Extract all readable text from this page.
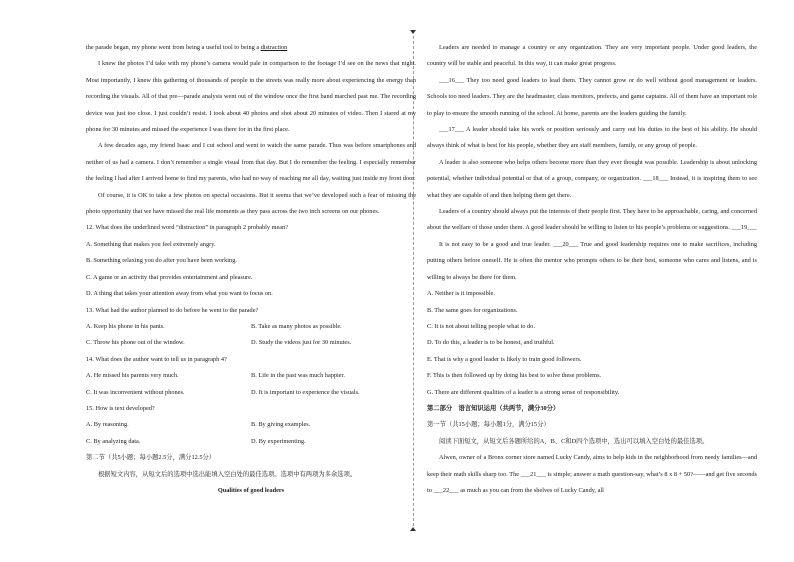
the parade began, my phone went from being a useful tool to being a distraction

I knew the photos I’d take with my phone’s camera would pale in comparison to the footage I’d see on the news that night. Most importantly, I knew this gathering of thousands of people in the streets was really more about experiencing the energy than recording the visuals. All of that pre—parade analysis went out of the window once the first band marched past me. The recording device was just too close. I just couldn’t resist. I took about 40 photos and shot about 20 minutes of video. Then I stared at my phone for 30 minutes and missed the experience I was there for in the first place.

A few decades ago, my friend Isaac and I cut school and went to watch the same parade. Thus was before smartphones and neither of us had a camera. I don’t remember a single visual from that day. But I do remember the feeling. I especially remember the feeling I had after I arrived home to find my parents, who had no way of reaching me all day, waiting just inside my front door.

Of course, it is OK to take a few photos on special occasions. But it seems that we’ve developed such a fear of missing the photo opportunity that we have missed the real life moments as they pass across the two inch screens on our phones.

12. What does the underlined word “distraction” in paragraph 2 probably mean?

A. Something that makes you feel extremely angry.

B. Something relaxing you do after you have been working.

C. A game or an activity that provides entertainment and pleasure.

D. A thing that takes your attention away from what you want to focus on.

13. What had the author planned to do before he went to the parade?

A. Keep his phone in his pants.	B. Take as many photos as possible.
C. Throw his phone out of the window.	D. Study the videos just for 30 minutes.

14. What does the author want to tell us in paragraph 4?

A. He missed his parents very much.	B. Life in the past was much happier.
C. It was inconvenient without phones.	D. It is important to experience the visuals.

15. How is text developed?

A. By reasoning.	B. By giving examples.
C. By analyzing data.	D. By experimenting.

第二节（共5小题；每小题2.5分，满分12.5分）

根据短文内容，从短文后的选项中选出能填入空白处的最佳选项。选项中有两项为多余选项。

Qualities of good leaders

Leaders are needed to manage a country or any organization. They are very important people. Under good leaders, the country will be stable and peaceful. In this way, it can make great progress.

___16___ They too need good leaders to lead them. They cannot grow or do well without good management or leaders. Schools too need leaders. They are the headmaster, class monitors, prefects, and game captains. All of them have an important role to play to ensure the smooth running of the school. At home, parents are the leaders guiding the family.

___17___ A leader should take his work or position seriously and carry out his duties to the best of his ability. He should always think of what is best for his people, whether they are staff members, family, or any group of people.

A leader is also someone who helps others become more than they ever thought was possible. Leadership is about unlocking potential, whether individual potential or that of a group, company, or organization. ___18___ Instead, it is inspiring them to see what they are capable of and then helping them get there.

Leaders of a country should always put the interests of their people first. They have to be approachable, caring, and concerned about the welfare of those under them. A good leader should be willing to listen to his people’s problems or suggestions. ___19___

It is not easy to be a good and true leader. ___20___ True and good leadership requires one to make sacrifices, including putting others before oneself. He is often the mentor who prompts others to be their best, someone who cares and listens, and is willing to always be there for them.

A. Neither is it impossible.

B. The same goes for organizations.

C. It is not about telling people what to do.

D. To do this, a leader is to be honest, and truthful.

E. That is why a good leader is likely to train good followers.

F. This is then followed up by doing his best to solve these problems.

G. There are different qualities of a leader is a strong sense of responsibility.

第二部分　语言知识运用（共两节，满分30分）

第一节（共15小题；每小题1分，满分15分）

阅读下面短文，从短文后各题所给的A、B、C和D四个选项中，选出可以填入空白处的最佳选项。

Alwen, owner of a Bronx corner store named Lucky Candy, aims to help kids in the neighborhood from needy families—and keep their math skills sharp too. The ___21___ is simple; answer a math question-say, what’s 8 x 8 + 50?——and get five seconds to ___22___ as much as you can from the shelves of Lucky Candy, all
